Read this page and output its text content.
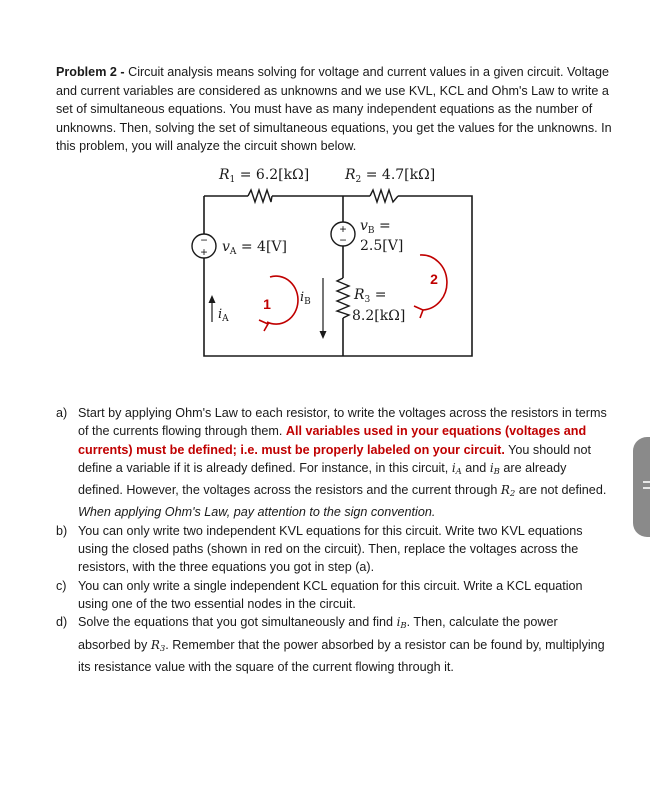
Problem 2 - Circuit analysis means solving for voltage and current values in a given circuit. Voltage and current variables are considered as unknowns and we use KVL, KCL and Ohm's Law to write a set of simultaneous equations. You must have as many independent equations as the number of unknowns. Then, solving the set of simultaneous equations, you get the values for the unknowns. In this problem, you will analyze the circuit shown below.
−
+
+
−
1
2
$R_1 = 6.2[k\Omega]$	$R_2 = 4.7[k\Omega]$
$v_A = 4[V]$
$v_B$ =
2.5[V]
$R_3$ =
8.2[kΩ]
$i_A$
$i_B$
a) Start by applying Ohm's Law to each resistor, to write the voltages across the resistors in terms of the currents flowing through them. All variables used in your equations (voltages and currents) must be defined; i.e. must be properly labeled on your circuit. You should not define a variable if it is already defined. For instance, in this circuit, $i_A$ and $i_B$ are already defined. However, the voltages across the resistors and the current through $R_2$ are not defined. When applying Ohm's Law, pay attention to the sign convention.
b) You can only write two independent KVL equations for this circuit. Write two KVL equations using the closed paths (shown in red on the circuit). Then, replace the voltages across the resistors, with the three equations you got in step (a).
c) You can only write a single independent KCL equation for this circuit. Write a KCL equation using one of the two essential nodes in the circuit.
d) Solve the equations that you got simultaneously and find $i_B$. Then, calculate the power absorbed by $R_3$. Remember that the power absorbed by a resistor can be found by, multiplying its resistance value with the square of the current flowing through it.
